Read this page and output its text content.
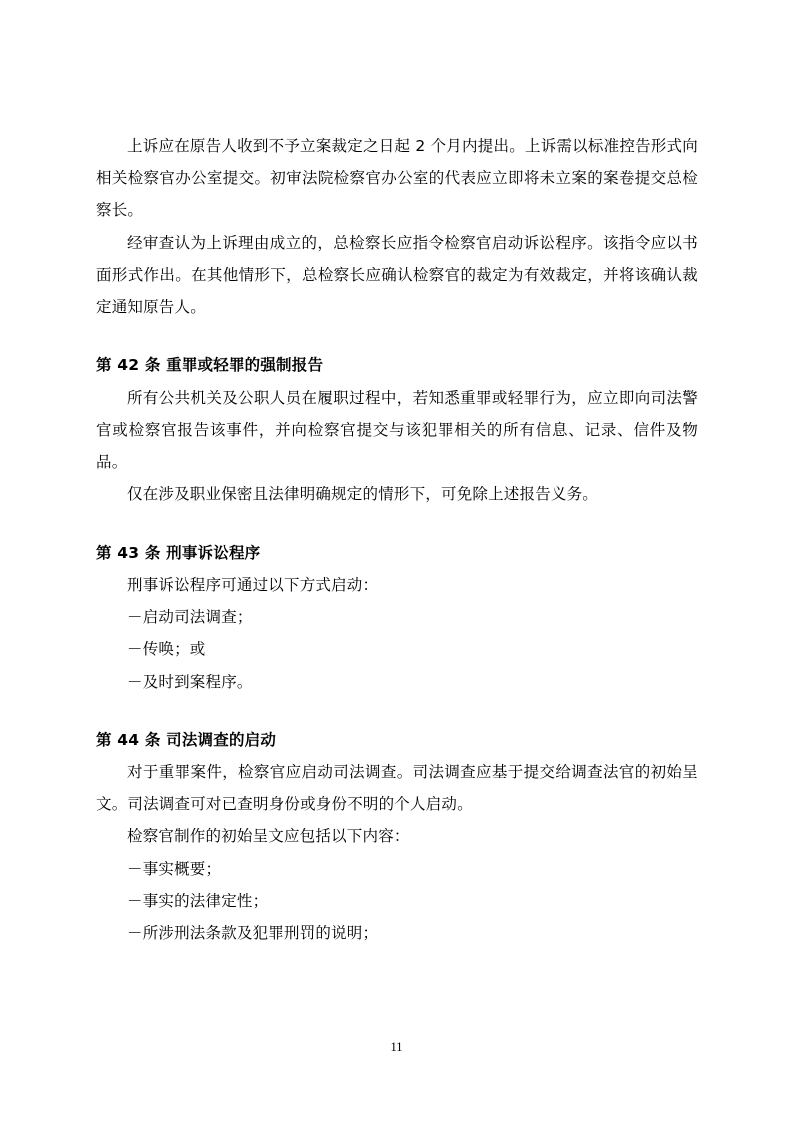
上诉应在原告人收到不予立案裁定之日起 2 个月内提出。上诉需以标准控告形式向相关检察官办公室提交。初审法院检察官办公室的代表应立即将未立案的案卷提交总检察长。

经审查认为上诉理由成立的，总检察长应指令检察官启动诉讼程序。该指令应以书面形式作出。在其他情形下，总检察长应确认检察官的裁定为有效裁定，并将该确认裁定通知原告人。

第 42 条 重罪或轻罪的强制报告

所有公共机关及公职人员在履职过程中，若知悉重罪或轻罪行为，应立即向司法警官或检察官报告该事件，并向检察官提交与该犯罪相关的所有信息、记录、信件及物品。

仅在涉及职业保密且法律明确规定的情形下，可免除上述报告义务。

第 43 条 刑事诉讼程序

刑事诉讼程序可通过以下方式启动：

－启动司法调查；

－传唤；或

－及时到案程序。

第 44 条 司法调查的启动

对于重罪案件，检察官应启动司法调查。司法调查应基于提交给调查法官的初始呈文。司法调查可对已查明身份或身份不明的个人启动。

检察官制作的初始呈文应包括以下内容：

－事实概要；

－事实的法律定性；

－所涉刑法条款及犯罪刑罚的说明；

11
